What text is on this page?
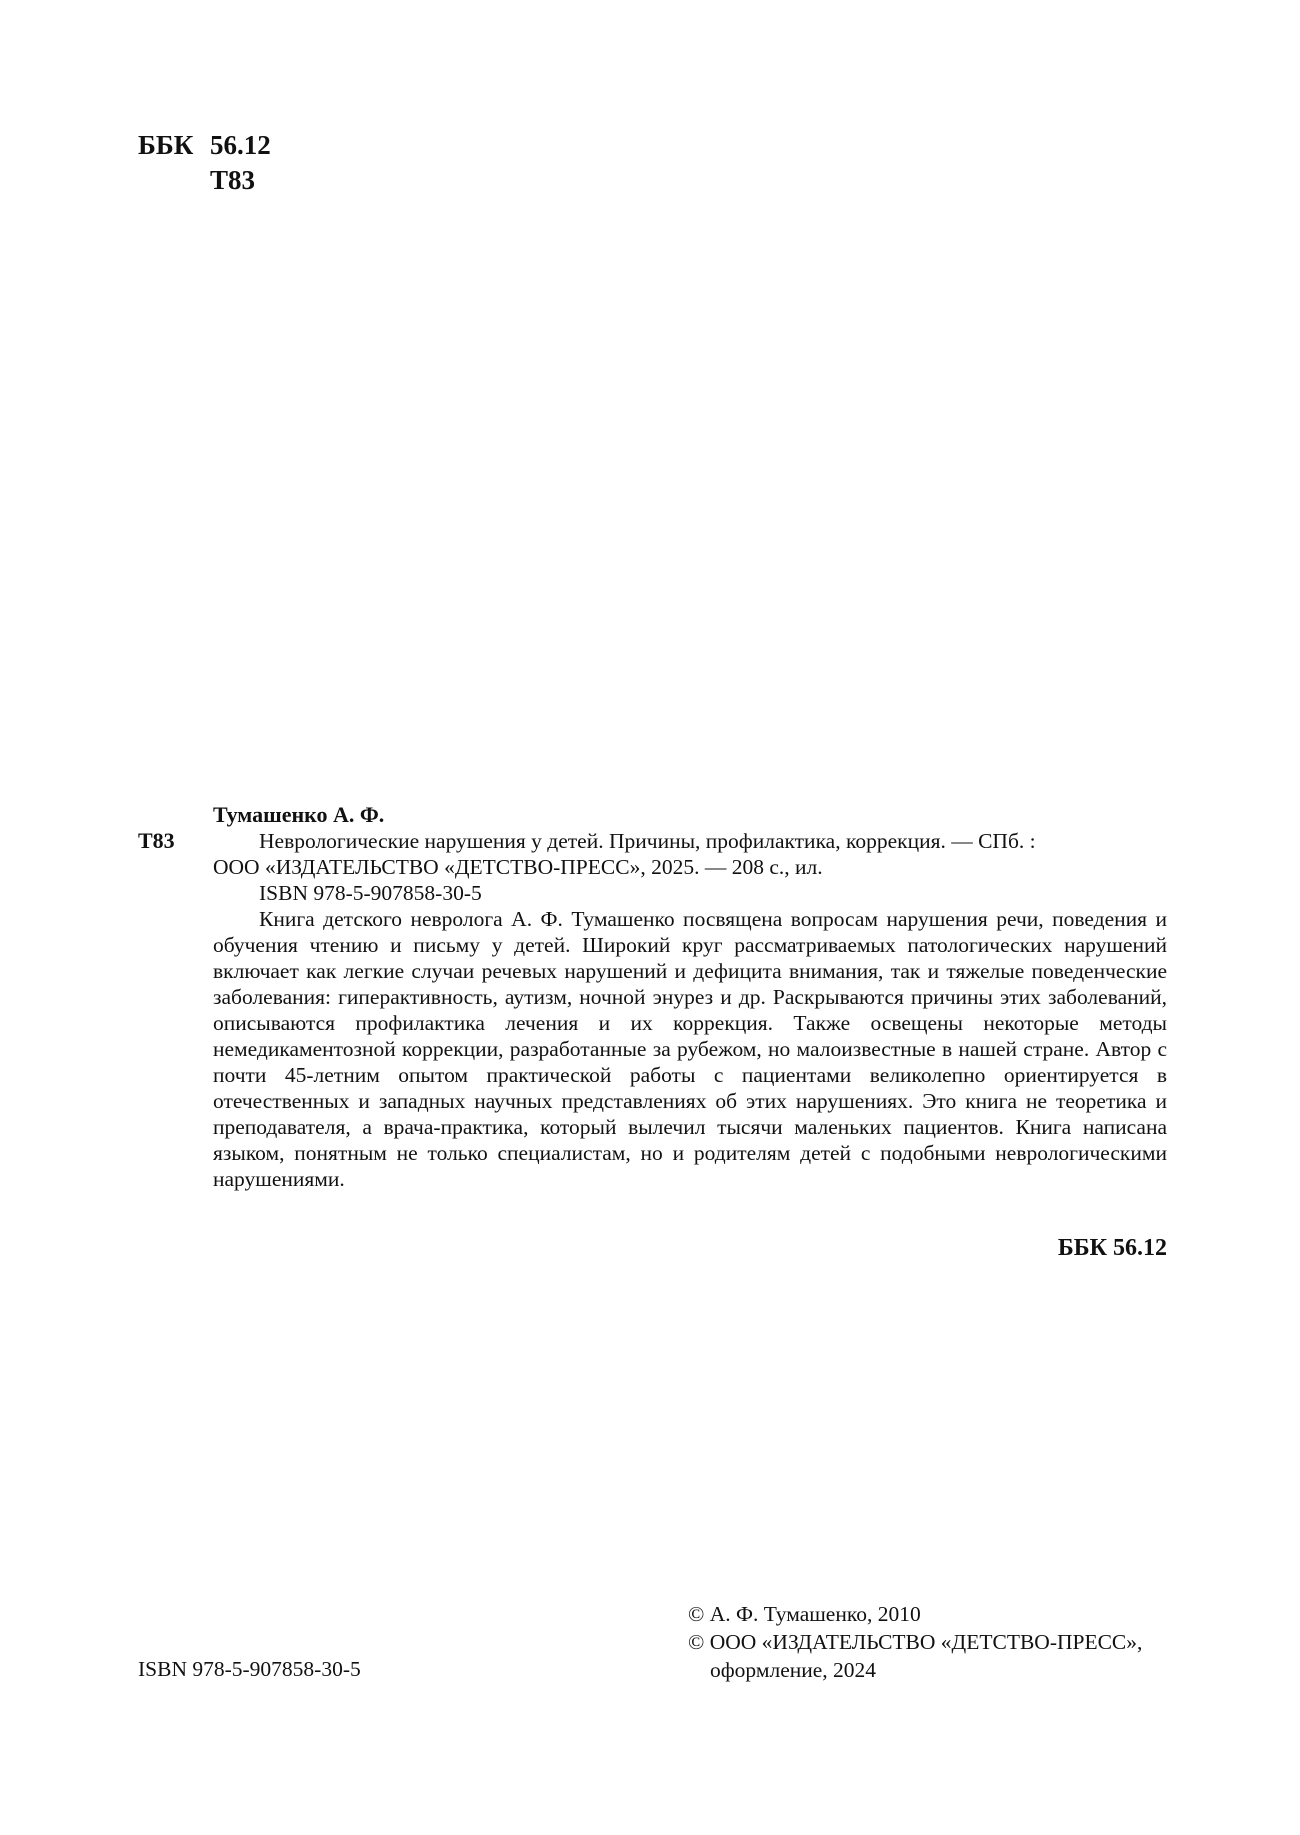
ББК 56.12
Т83
Т83

Тумашенко А. Ф.

Неврологические нарушения у детей. Причины, профилактика, коррекция. — СПб. :

ООО «ИЗДАТЕЛЬСТВО «ДЕТСТВО-ПРЕСС», 2025. — 208 с., ил.

ISBN 978-5-907858-30-5

Книга детского невролога А. Ф. Тумашенко посвящена вопросам нарушения речи, поведения и обучения чтению и письму у детей. Широкий круг рассматриваемых патологических нарушений включает как легкие случаи речевых нарушений и дефицита внимания, так и тяжелые поведенческие заболевания: гиперактивность, аутизм, ночной энурез и др. Раскрываются причины этих заболеваний, описываются профилактика лечения и их коррекция. Также освещены некоторые методы немедикаментозной коррекции, разработанные за рубежом, но малоизвестные в нашей стране. Автор с почти 45-летним опытом практической работы с пациентами великолепно ориентируется в отечественных и западных научных представлениях об этих нарушениях. Это книга не теоретика и преподавателя, а врача-практика, который вылечил тысячи маленьких пациентов. Книга написана языком, понятным не только специалистам, но и родителям детей с подобными неврологическими нарушениями.

ББК 56.12
ISBN 978-5-907858-30-5
© А. Ф. Тумашенко, 2010
© ООО «ИЗДАТЕЛЬСТВО «ДЕТСТВО-ПРЕСС»,
оформление, 2024
